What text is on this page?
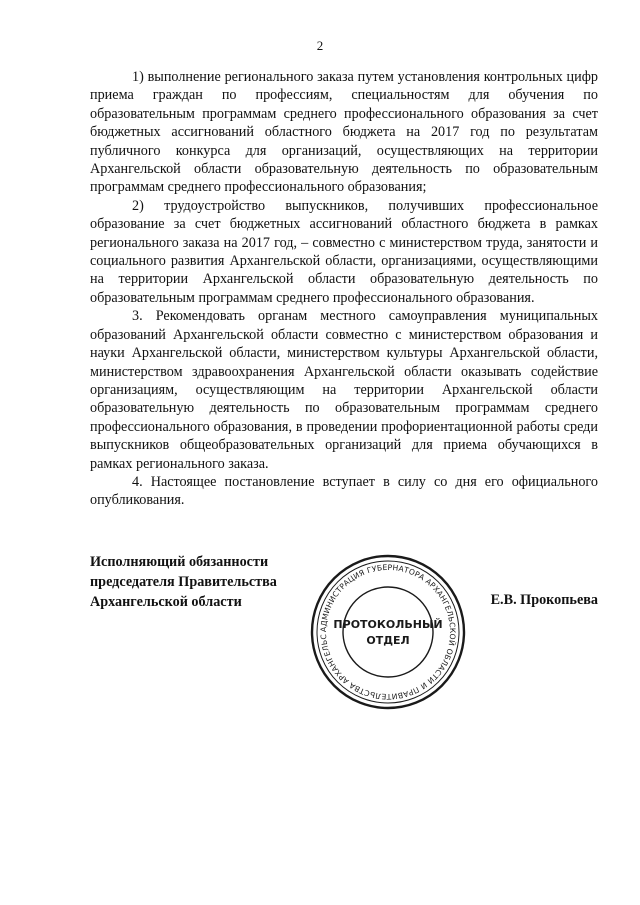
2

1) выполнение регионального заказа путем установления контрольных цифр приема граждан по профессиям, специальностям для обучения по образовательным программам среднего профессионального образования за счет бюджетных ассигнований областного бюджета на 2017 год по результатам публичного конкурса для организаций, осуществляющих на территории Архангельской области образовательную деятельность по образовательным программам среднего профессионального образования;

2) трудоустройство выпускников, получивших профессиональное образование за счет бюджетных ассигнований областного бюджета в рамках регионального заказа на 2017 год, – совместно с министерством труда, занятости и социального развития Архангельской области, организациями, осуществляющими на территории Архангельской области образовательную деятельность по образовательным программам среднего профессионального образования.

3. Рекомендовать органам местного самоуправления муниципальных образований Архангельской области совместно с министерством образования и науки Архангельской области, министерством культуры Архангельской области, министерством здравоохранения Архангельской области оказывать содействие организациям, осуществляющим на территории Архангельской области образовательную деятельность по образовательным программам среднего профессионального образования, в проведении профориентационной работы среди выпускников общеобразовательных организаций для приема обучающихся в рамках регионального заказа.

4. Настоящее постановление вступает в силу со дня его официального опубликования.

Исполняющий обязанности
председателя Правительства
Архангельской области
АДМИНИСТРАЦИЯ ГУБЕРНАТОРА АРХАНГЕЛЬСКОЙ ОБЛАСТИ И ПРАВИТЕЛЬСТВА АРХАНГЕЛЬС
ПРОТОКОЛЬНЫЙ
ОТДЕЛ
Е.В. Прокопьева
